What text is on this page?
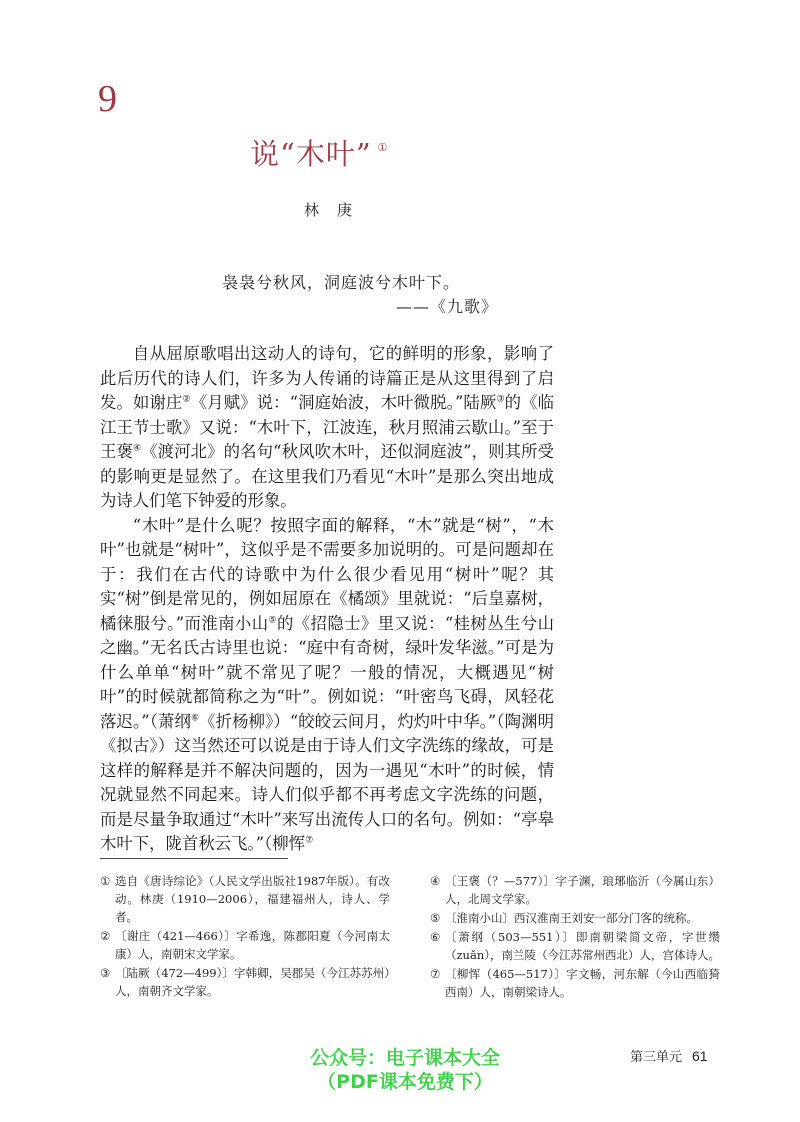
9
说“木叶” ①
林庚
袅袅兮秋风，洞庭波兮木叶下。
——《九歌》

自从屈原歌唱出这动人的诗句，它的鲜明的形象，影响了此后历代的诗人们，许多为人传诵的诗篇正是从这里得到了启发。如谢庄②《月赋》说：“洞庭始波，木叶微脱。”陆厥③的《临江王节士歌》又说：“木叶下，江波连，秋月照浦云歇山。”至于王褒④《渡河北》的名句“秋风吹木叶，还似洞庭波”，则其所受的影响更是显然了。在这里我们乃看见“木叶”是那么突出地成为诗人们笔下钟爱的形象。

“木叶”是什么呢？按照字面的解释，“木”就是“树”，“木叶”也就是“树叶”，这似乎是不需要多加说明的。可是问题却在于：我们在古代的诗歌中为什么很少看见用“树叶”呢？其实“树”倒是常见的，例如屈原在《橘颂》里就说：“后皇嘉树，橘徕服兮。”而淮南小山⑤的《招隐士》里又说：“桂树丛生兮山之幽。”无名氏古诗里也说：“庭中有奇树，绿叶发华滋。”可是为什么单单“树叶”就不常见了呢？一般的情况，大概遇见“树叶”的时候就都简称之为“叶”。例如说：“叶密鸟飞碍，风轻花落迟。”（萧纲⑥《折杨柳》）“皎皎云间月，灼灼叶中华。”（陶渊明《拟古》）这当然还可以说是由于诗人们文字洗练的缘故，可是这样的解释是并不解决问题的，因为一遇见“木叶”的时候，情况就显然不同起来。诗人们似乎都不再考虑文字洗练的问题，而是尽量争取通过“木叶”来写出流传人口的名句。例如：“亭皋木叶下，陇首秋云飞。”（柳恽⑦

① 选自《唐诗综论》（人民文学出版社1987年版）。有改动。林庚（1910—2006），福建福州人，诗人、学者。
② 〔谢庄（421—466）〕字希逸，陈郡阳夏（今河南太康）人，南朝宋文学家。
③ 〔陆厥（472—499）〕字韩卿，吴郡吴（今江苏苏州）人，南朝齐文学家。
④ 〔王褒（？—577）〕字子渊，琅琊临沂（今属山东）人，北周文学家。
⑤ 〔淮南小山〕西汉淮南王刘安一部分门客的统称。
⑥ 〔萧纲（503—551）〕即南朝梁简文帝，字世缵（zuǎn），南兰陵（今江苏常州西北）人，宫体诗人。
⑦ 〔柳恽（465—517）〕字文畅，河东解（今山西临猗西南）人，南朝梁诗人。
公众号：电子课本大全
（PDF课本免费下）
第三单元 61
